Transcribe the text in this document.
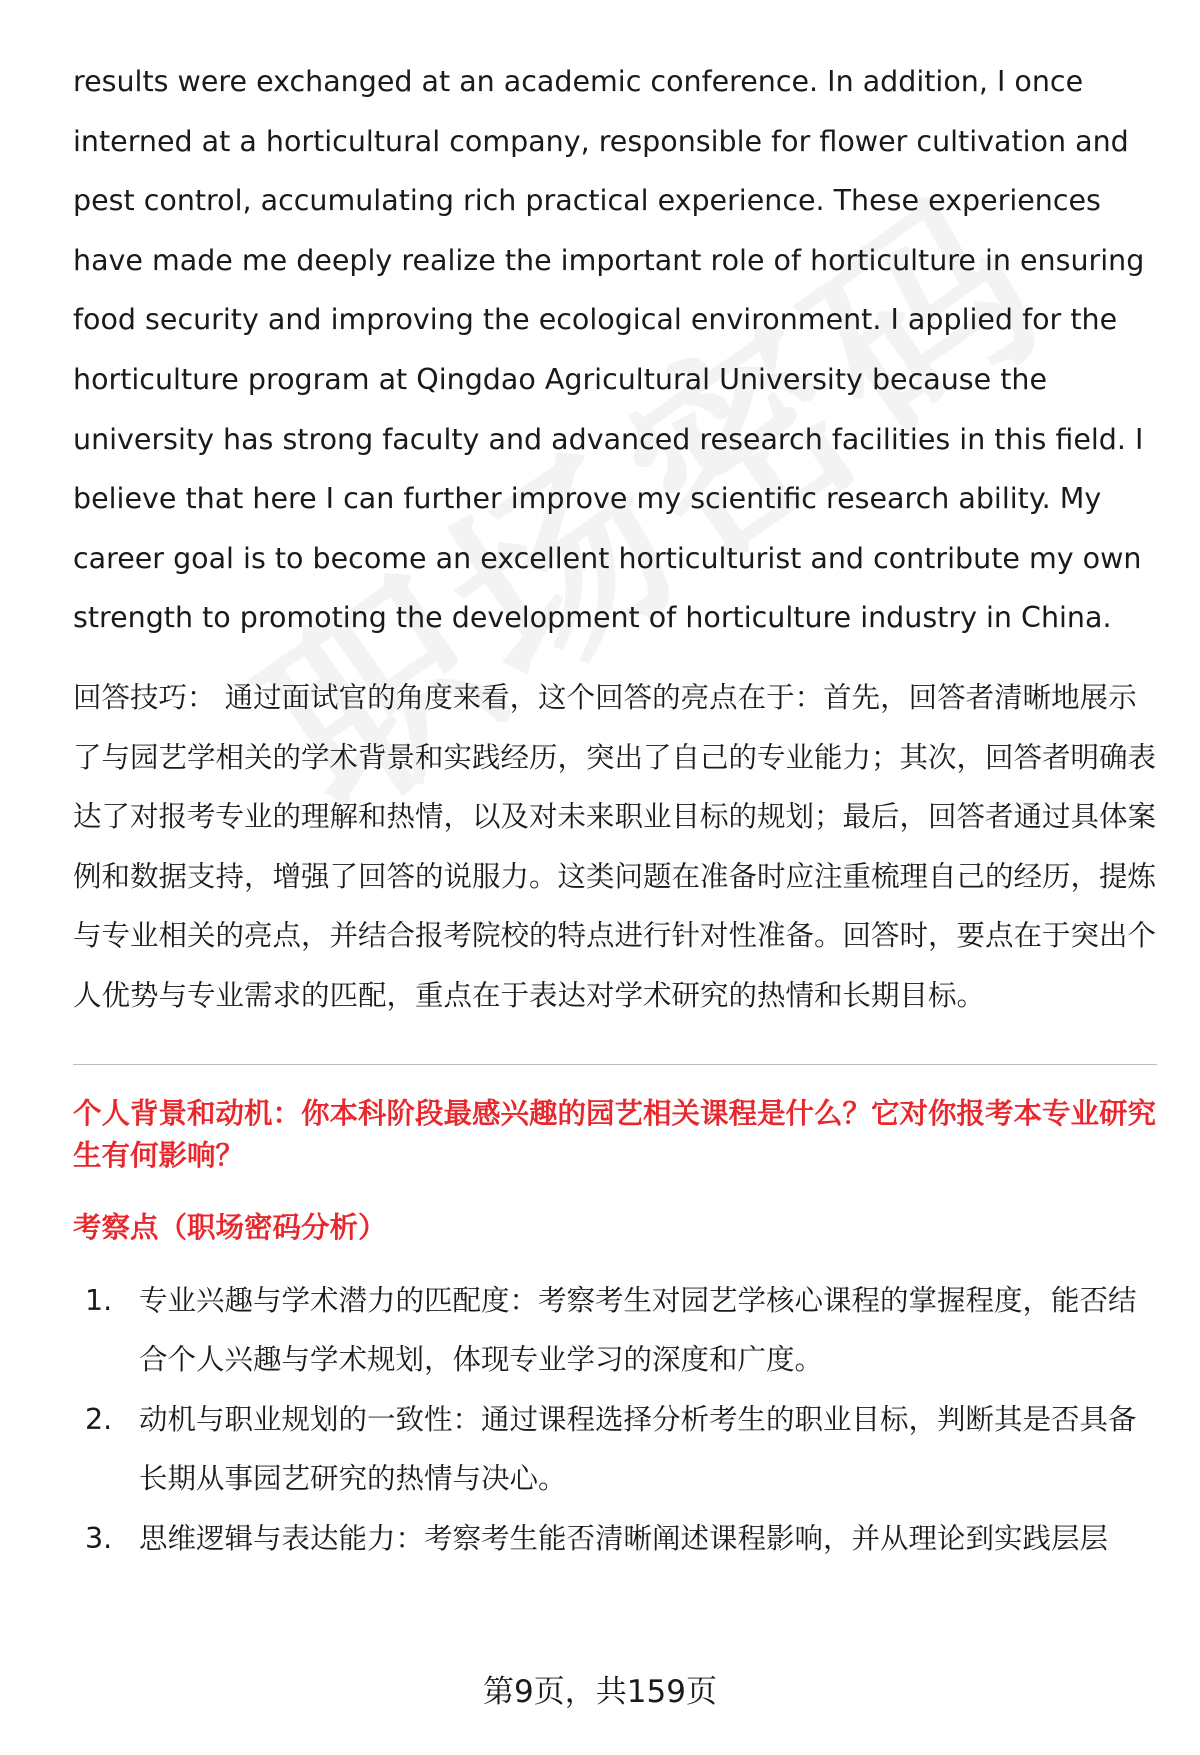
results were exchanged at an academic conference. In addition, I once interned at a horticultural company, responsible for flower cultivation and pest control, accumulating rich practical experience. These experiences have made me deeply realize the important role of horticulture in ensuring food security and improving the ecological environment. I applied for the horticulture program at Qingdao Agricultural University because the university has strong faculty and advanced research facilities in this field. I believe that here I can further improve my scientific research ability. My career goal is to become an excellent horticulturist and contribute my own strength to promoting the development of horticulture industry in China.

回答技巧： 通过面试官的角度来看，这个回答的亮点在于：首先，回答者清晰地展示了与园艺学相关的学术背景和实践经历，突出了自己的专业能力；其次，回答者明确表达了对报考专业的理解和热情，以及对未来职业目标的规划；最后，回答者通过具体案例和数据支持，增强了回答的说服力。这类问题在准备时应注重梳理自己的经历，提炼与专业相关的亮点，并结合报考院校的特点进行针对性准备。回答时，要点在于突出个人优势与专业需求的匹配，重点在于表达对学术研究的热情和长期目标。

个人背景和动机：你本科阶段最感兴趣的园艺相关课程是什么？它对你报考本专业研究生有何影响？
考察点（职场密码分析）
1. 专业兴趣与学术潜力的匹配度：考察考生对园艺学核心课程的掌握程度，能否结合个人兴趣与学术规划，体现专业学习的深度和广度。
2. 动机与职业规划的一致性：通过课程选择分析考生的职业目标，判断其是否具备长期从事园艺研究的热情与决心。
3. 思维逻辑与表达能力：考察考生能否清晰阐述课程影响，并从理论到实践层层
第9页，共159页
